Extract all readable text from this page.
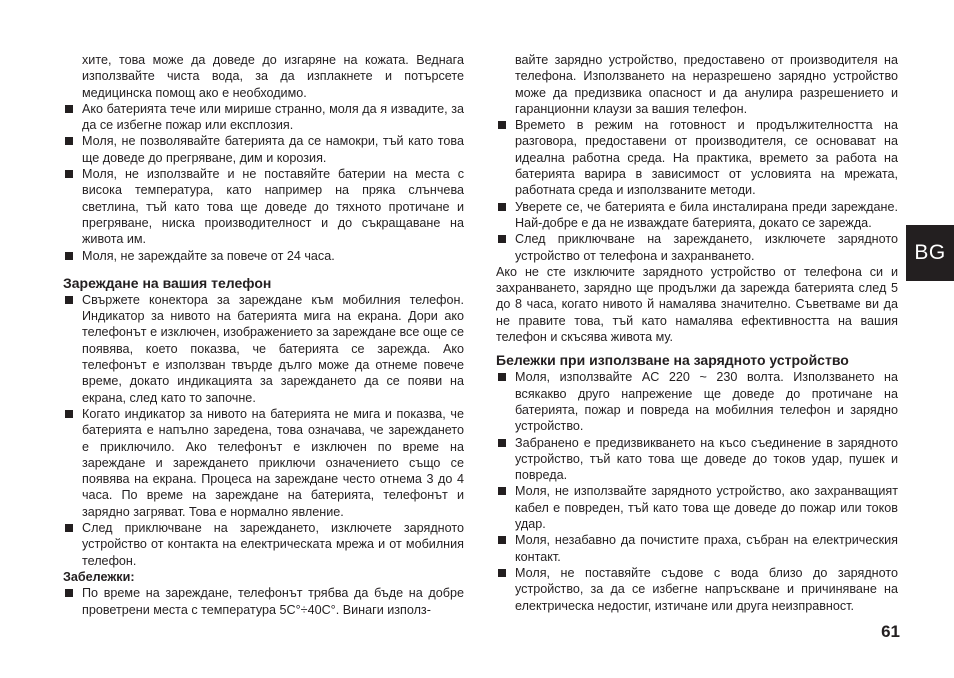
хите, това може да доведе до изгаряне на кожата. Веднага използвайте чиста вода, за да изплакнете и потърсете медицинска помощ ако е необходимо.

Ако батерията тече или мирише странно, моля да я извадите, за да се избегне пожар или експлозия.

Моля, не позволявайте батерията да се намокри, тъй като това ще доведе до прегряване, дим и корозия.

Моля, не използвайте и не поставяйте батерии на места с висока температура, като например на пряка слънчева светлина, тъй като това ще доведе до тяхното протичане и прегряване, ниска производителност и до съкращаване на живота им.

Моля, не зареждайте за повече от 24 часа.

Зареждане на вашия телефон

Свържете конектора за зареждане към мобилния телефон. Индикатор за нивото на батерията мига на екрана. Дори ако телефонът е изключен, изображението за зареждане все още се появява, което показва, че батерията се зарежда. Ако телефонът е използван твърде дълго може да отнеме повече време, докато индикацията за зареждането да се появи на екрана, след като то започне.

Когато индикатор за нивото на батерията не мига и показва, че батерията е напълно заредена, това означава, че зареждането е приключило. Ако телефонът е изключен по време на зареждане и зареждането приключи означението също се появява на екрана. Процеса на зареждане често отнема 3 до 4 часа. По време на зареждане на батерията, телефонът и зарядно загряват. Това е нормално явление.

След приключване на зареждането, изключете зарядното устройство от контакта на електрическата мрежа и от мобилния телефон.

Забележки:

По време на зареждане, телефонът трябва да бъде на добре проветрени места с температура 5C°÷40C°. Винаги използ-

вайте зарядно устройство, предоставено от производителя на телефона. Използването на неразрешено зарядно устройство може да предизвика опасност и да анулира разрешението и гаранционни клаузи за вашия телефон.

Времето в режим на готовност и продължителността на разговора, предоставени от производителя, се основават на идеална работна среда. На практика, времето за работа на батерията варира в зависимост от условията на мрежата, работната среда и използваните методи.

Уверете се, че батерията е била инсталирана преди зареждане. Най-добре е да не изваждате батерията, докато се зарежда.

След приключване на зареждането, изключете зарядното устройство от телефона и захранването.

Ако не сте изключите зарядното устройство от телефона си и захранването, зарядно ще продължи да зарежда батерията след 5 до 8 часа, когато нивото й намалява значително. Съветваме ви да не правите това, тъй като намалява ефективността на вашия телефон и скъсява живота му.

Бележки при използване на зарядното устройство

Моля, използвайте AC 220 ~ 230 волта. Използването на всякакво друго напрежение ще доведе до протичане на батерията, пожар и повреда на мобилния телефон и зарядно устройство.

Забранено е предизвикването на късо съединение в зарядното устройство, тъй като това ще доведе до токов удар, пушек и повреда.

Моля, не използвайте зарядното устройство, ако захранващият кабел е повреден, тъй като това ще доведе до пожар или токов удар.

Моля, незабавно да почистите праха, събран на електрическия контакт.

Моля, не поставяйте съдове с вода близо до зарядното устройство, за да се избегне напръскване и причиняване на електрическа недостиг, изтичане или друга неизправност.

BG
61
